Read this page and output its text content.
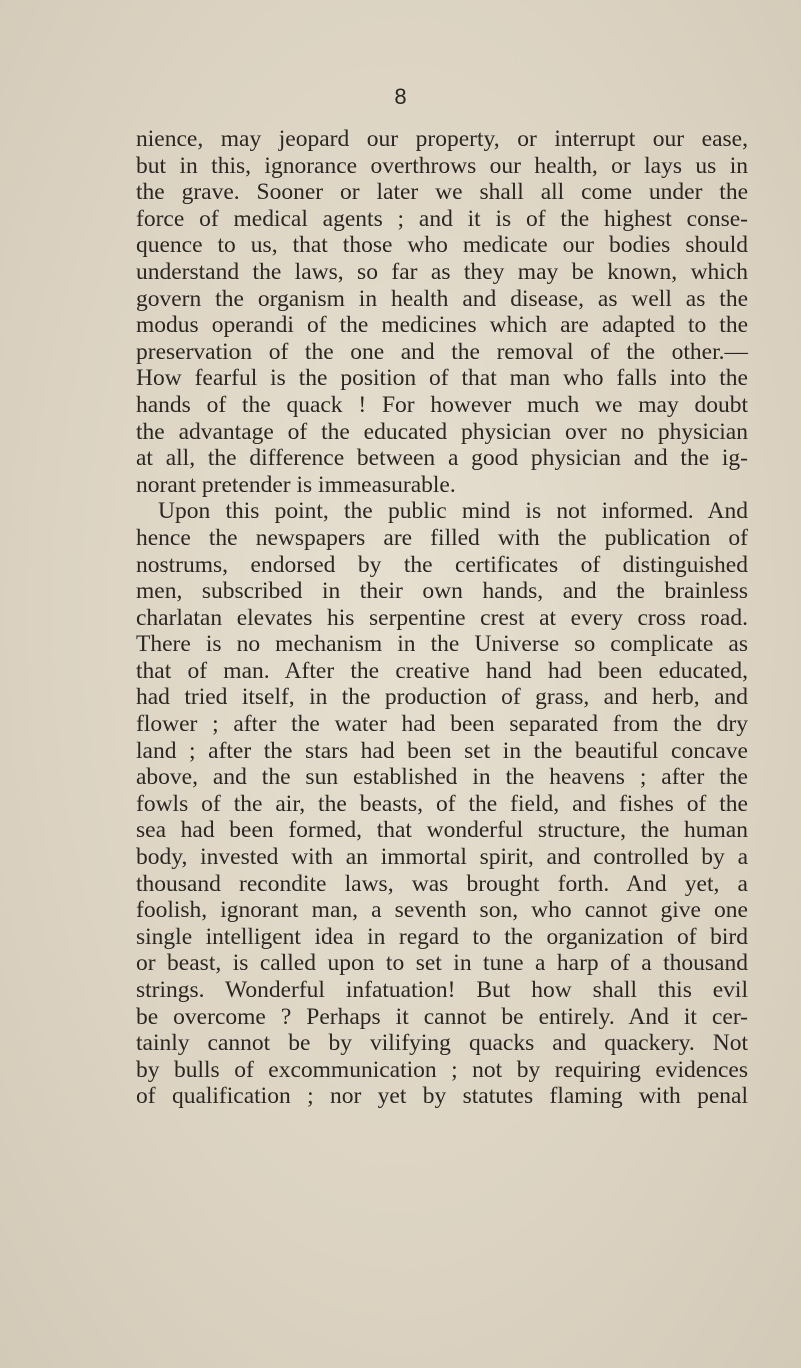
8
nience, may jeopard our property, or interrupt our ease,
but in this, ignorance overthrows our health, or lays us in
the grave. Sooner or later we shall all come under the
force of medical agents ; and it is of the highest conse-
quence to us, that those who medicate our bodies should
understand the laws, so far as they may be known, which
govern the organism in health and disease, as well as the
modus operandi of the medicines which are adapted to the
preservation of the one and the removal of the other.—
How fearful is the position of that man who falls into the
hands of the quack ! For however much we may doubt
the advantage of the educated physician over no physician
at all, the difference between a good physician and the ig-
norant pretender is immeasurable.
Upon this point, the public mind is not informed. And
hence the newspapers are filled with the publication of
nostrums, endorsed by the certificates of distinguished
men, subscribed in their own hands, and the brainless
charlatan elevates his serpentine crest at every cross road.
There is no mechanism in the Universe so complicate as
that of man. After the creative hand had been educated,
had tried itself, in the production of grass, and herb, and
flower ; after the water had been separated from the dry
land ; after the stars had been set in the beautiful concave
above, and the sun established in the heavens ; after the
fowls of the air, the beasts, of the field, and fishes of the
sea had been formed, that wonderful structure, the human
body, invested with an immortal spirit, and controlled by a
thousand recondite laws, was brought forth. And yet, a
foolish, ignorant man, a seventh son, who cannot give one
single intelligent idea in regard to the organization of bird
or beast, is called upon to set in tune a harp of a thousand
strings. Wonderful infatuation! But how shall this evil
be overcome ? Perhaps it cannot be entirely. And it cer-
tainly cannot be by vilifying quacks and quackery. Not
by bulls of excommunication ; not by requiring evidences
of qualification ; nor yet by statutes flaming with penal
